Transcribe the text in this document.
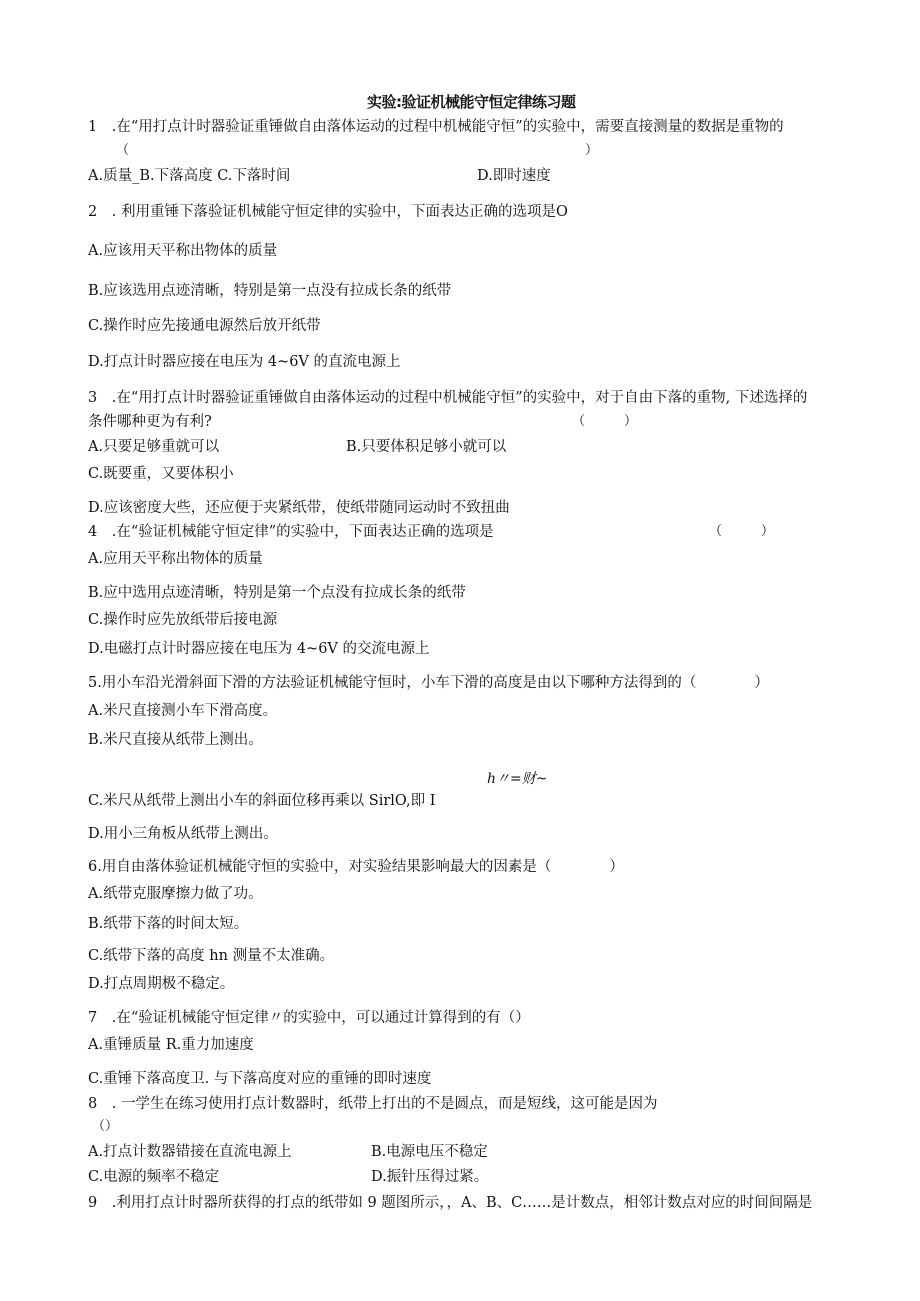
实验:验证机械能守恒定律练习题
1　.在“用打点计时器验证重锤做自由落体运动的过程中机械能守恒”的实验中，需要直接测量的数据是重物的
（	）
A.质量_B.下落高度 C.下落时间	D.即时速度
2　. 利用重锤下落验证机械能守恒定律的实验中，下面表达正确的选项是O
A.应该用天平称出物体的质量
B.应该选用点迹清晰，特别是第一点没有拉成长条的纸带
C.操作时应先接通电源然后放开纸带
D.打点计时器应接在电压为 4~6V 的直流电源上
3　.在“用打点计时器验证重锤做自由落体运动的过程中机械能守恒”的实验中，对于自由下落的重物, 下述选择的
条件哪种更为有利?	（　　　）
A.只要足够重就可以	B.只要体积足够小就可以
C.既要重，又要体积小
D.应该密度大些，还应便于夹紧纸带，使纸带随同运动时不致扭曲
4　.在“验证机械能守恒定律”的实验中，下面表达正确的选项是	（　　　）
A.应用天平称出物体的质量
B.应中选用点迹清晰，特别是第一个点没有拉成长条的纸带
C.操作时应先放纸带后接电源
D.电磁打点计时器应接在电压为 4~6V 的交流电源上
5.用小车沿光滑斜面下滑的方法验证机械能守恒时，小车下滑的高度是由以下哪种方法得到的（　　　　）
A.米尺直接测小车下滑高度。
B.米尺直接从纸带上测出。
h〃=财~
C.米尺从纸带上测出小车的斜面位移再乘以 SirlO,即 I
D.用小三角板从纸带上测出。
6.用自由落体验证机械能守恒的实验中，对实验结果影响最大的因素是（　　　　）
A.纸带克服摩擦力做了功。
B.纸带下落的时间太短。
C.纸带下落的高度 hn 测量不太准确。
D.打点周期极不稳定。
7　.在“验证机械能守恒定律〃的实验中，可以通过计算得到的有（）
A.重锤质量 R.重力加速度
C.重锤下落高度卫. 与下落高度对应的重锤的即时速度
8　. 一学生在练习使用打点计数器时，纸带上打出的不是圆点，而是短线，这可能是因为
（）
A.打点计数器错接在直流电源上	B.电源电压不稳定
C.电源的频率不稳定	D.振针压得过紧。
9　.利用打点计时器所获得的打点的纸带如 9 题图所示，，A、B、C……是计数点，相邻计数点对应的时间间隔是
